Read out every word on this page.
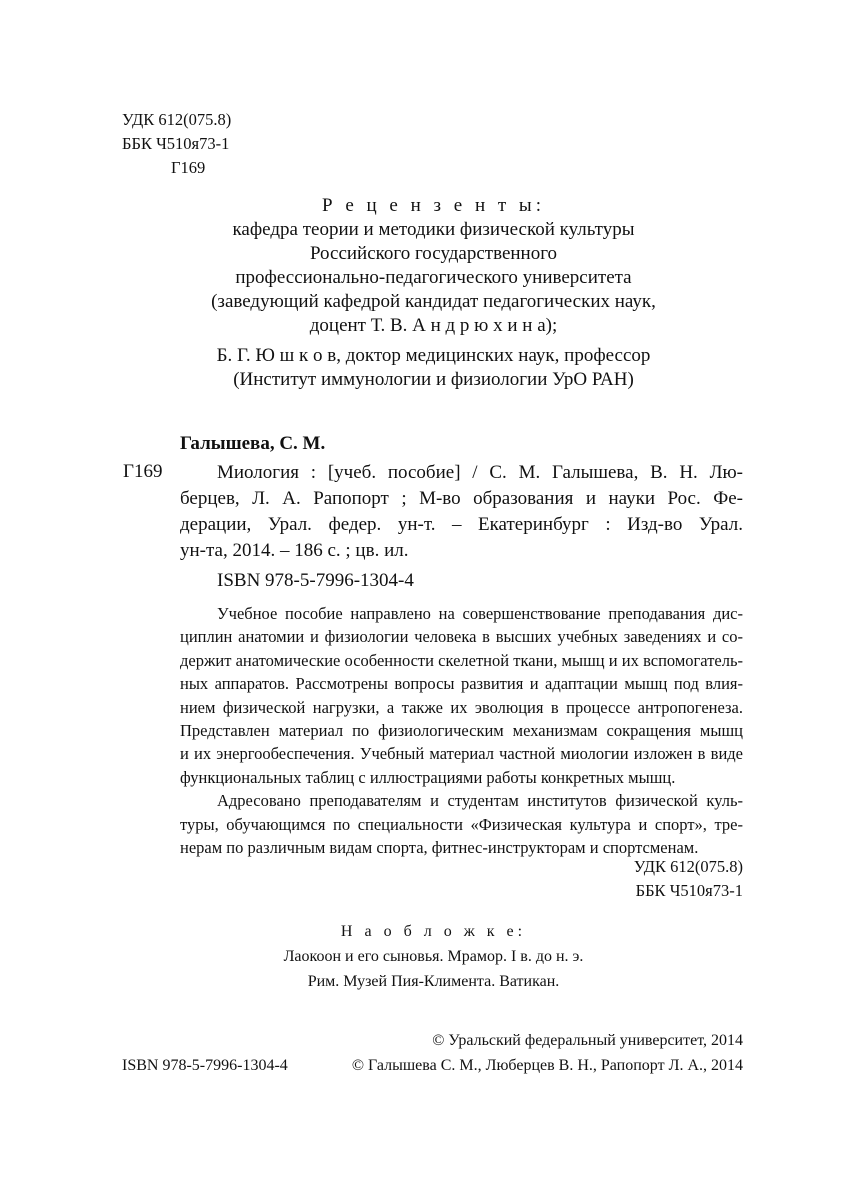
УДК 612(075.8)
ББК Ч510я73-1
Г169
Р е ц е н з е н т ы:
кафедра теории и методики физической культуры
Российского государственного
профессионально-педагогического университета
(заведующий кафедрой кандидат педагогических наук,
доцент Т. В. А н д р ю х и н а);
Б. Г. Ю ш к о в, доктор медицинских наук, профессор
(Институт иммунологии и физиологии УрО РАН)
Галышева, С. М.
Г169	Миология : [учеб. пособие] / С. М. Галышева, В. Н. Лю-
берцев, Л. А. Рапопорт ; М-во образования и науки Рос. Фе-
дерации, Урал. федер. ун-т. – Екатеринбург : Изд-во Урал.
ун-та, 2014. – 186 с. ; цв. ил.
ISBN 978-5-7996-1304-4
Учебное пособие направлено на совершенствование преподавания дис-
циплин анатомии и физиологии человека в высших учебных заведениях и со-
держит анатомические особенности скелетной ткани, мышц и их вспомогатель-
ных аппаратов. Рассмотрены вопросы развития и адаптации мышц под влия-
нием физической нагрузки, а также их эволюция в процессе антропогенеза.
Представлен материал по физиологическим механизмам сокращения мышц
и их энергообеспечения. Учебный материал частной миологии изложен в виде
функциональных таблиц с иллюстрациями работы конкретных мышц.
Адресовано преподавателям и студентам институтов физической куль-
туры, обучающимся по специальности «Физическая культура и спорт», тре-
нерам по различным видам спорта, фитнес-инструкторам и спортсменам.
УДК 612(075.8)
ББК Ч510я73-1
Н а о б л о ж к е:
Лаокоон и его сыновья. Мрамор. I в. до н. э.
Рим. Музей Пия-Климента. Ватикан.
© Уральский федеральный университет, 2014
© Галышева С. М., Люберцев В. Н., Рапопорт Л. А., 2014
ISBN 978-5-7996-1304-4
